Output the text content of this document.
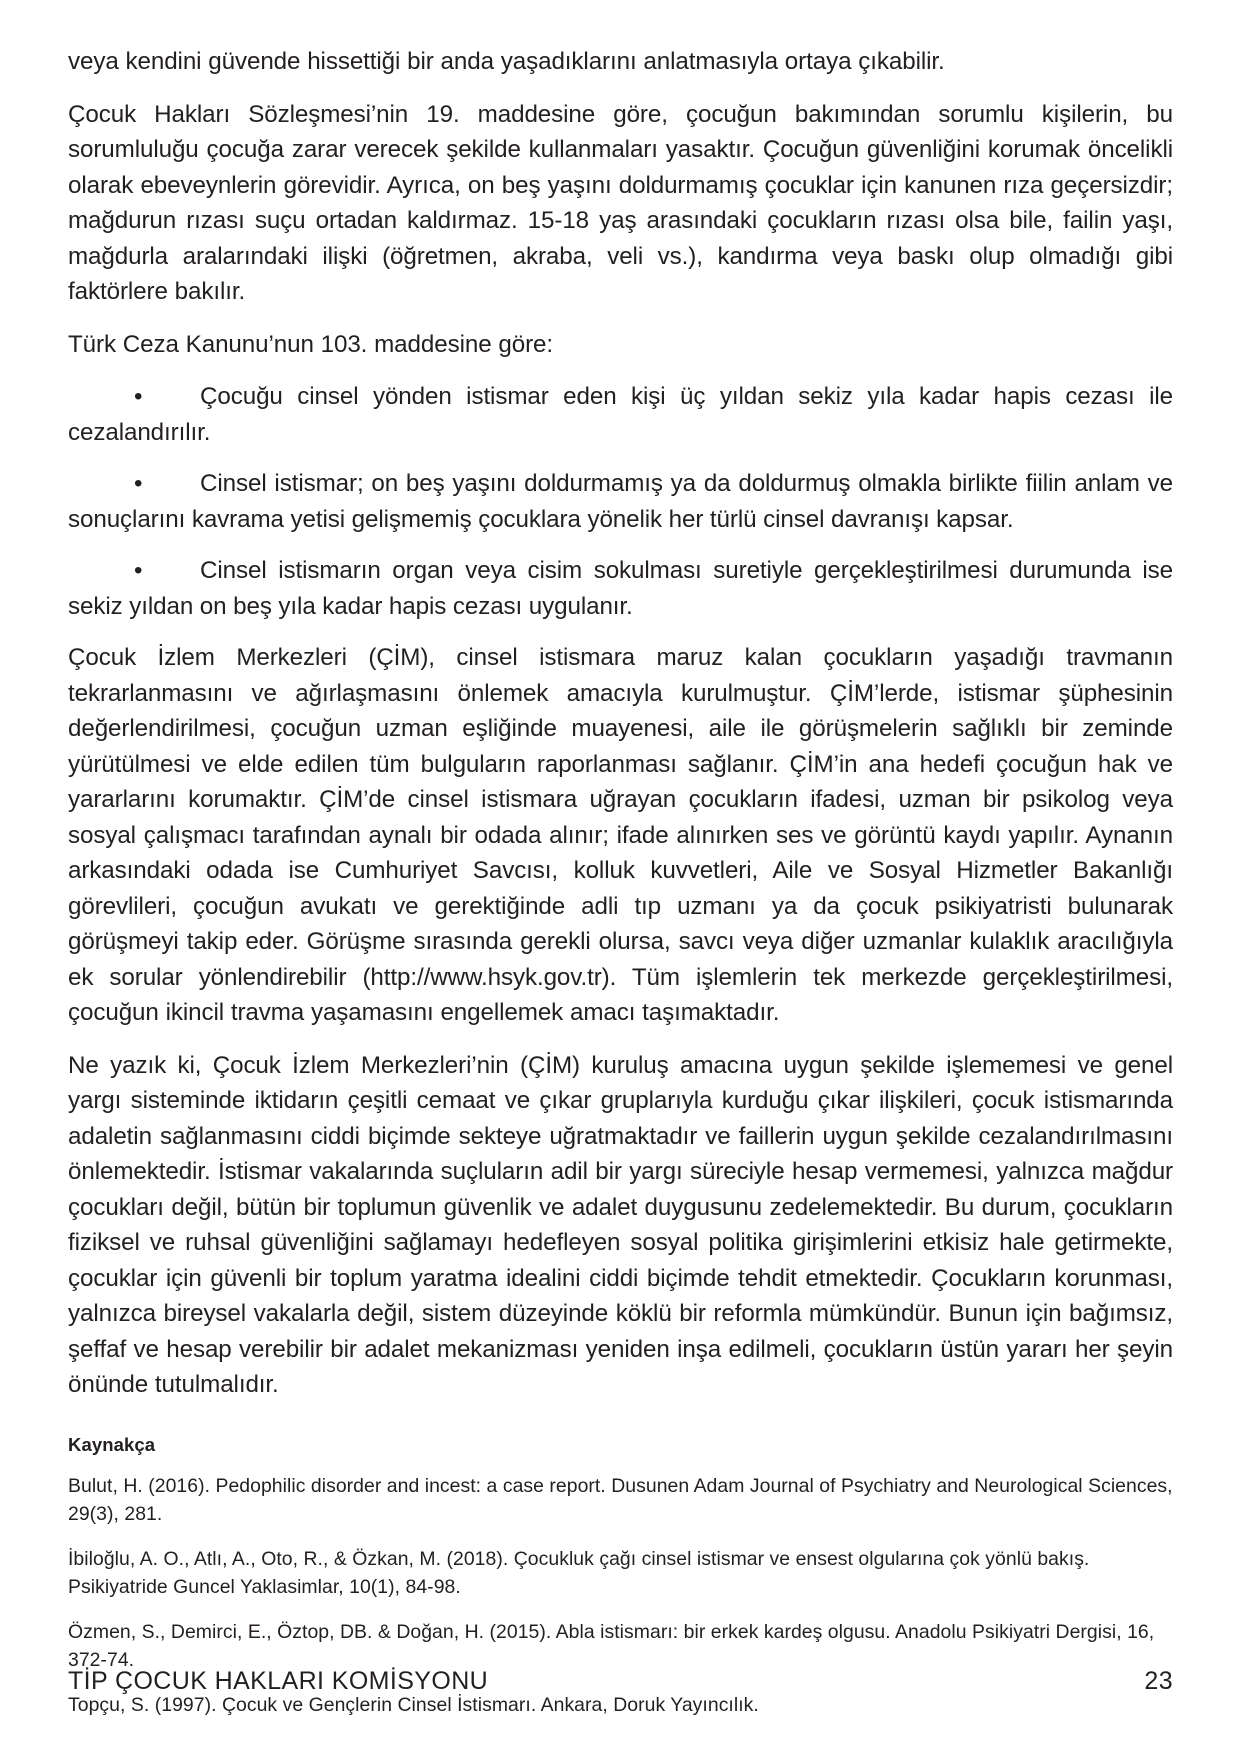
veya kendini güvende hissettiği bir anda yaşadıklarını anlatmasıyla ortaya çıkabilir.

Çocuk Hakları Sözleşmesi’nin 19. maddesine göre, çocuğun bakımından sorumlu kişilerin, bu sorumluluğu çocuğa zarar verecek şekilde kullanmaları yasaktır. Çocuğun güvenliğini korumak öncelikli olarak ebeveynlerin görevidir. Ayrıca, on beş yaşını doldurmamış çocuklar için kanunen rıza geçersizdir; mağdurun rızası suçu ortadan kaldırmaz. 15-18 yaş arasındaki çocukların rızası olsa bile, failin yaşı, mağdurla aralarındaki ilişki (öğretmen, akraba, veli vs.), kandırma veya baskı olup olmadığı gibi faktörlere bakılır.

Türk Ceza Kanunu’nun 103. maddesine göre:

• Çocuğu cinsel yönden istismar eden kişi üç yıldan sekiz yıla kadar hapis cezası ile cezalandırılır.

• Cinsel istismar; on beş yaşını doldurmamış ya da doldurmuş olmakla birlikte fiilin anlam ve sonuçlarını kavrama yetisi gelişmemiş çocuklara yönelik her türlü cinsel davranışı kapsar.

• Cinsel istismarın organ veya cisim sokulması suretiyle gerçekleştirilmesi durumunda ise sekiz yıldan on beş yıla kadar hapis cezası uygulanır.

Çocuk İzlem Merkezleri (ÇİM), cinsel istismara maruz kalan çocukların yaşadığı travmanın tekrarlanmasını ve ağırlaşmasını önlemek amacıyla kurulmuştur. ÇİM’lerde, istismar şüphesinin değerlendirilmesi, çocuğun uzman eşliğinde muayenesi, aile ile görüşmelerin sağlıklı bir zeminde yürütülmesi ve elde edilen tüm bulguların raporlanması sağlanır. ÇİM’in ana hedefi çocuğun hak ve yararlarını korumaktır. ÇİM’de cinsel istismara uğrayan çocukların ifadesi, uzman bir psikolog veya sosyal çalışmacı tarafından aynalı bir odada alınır; ifade alınırken ses ve görüntü kaydı yapılır. Aynanın arkasındaki odada ise Cumhuriyet Savcısı, kolluk kuvvetleri, Aile ve Sosyal Hizmetler Bakanlığı görevlileri, çocuğun avukatı ve gerektiğinde adli tıp uzmanı ya da çocuk psikiyatristi bulunarak görüşmeyi takip eder. Görüşme sırasında gerekli olursa, savcı veya diğer uzmanlar kulaklık aracılığıyla ek sorular yönlendirebilir (http://www.hsyk.gov.tr). Tüm işlemlerin tek merkezde gerçekleştirilmesi, çocuğun ikincil travma yaşamasını engellemek amacı taşımaktadır.

Ne yazık ki, Çocuk İzlem Merkezleri’nin (ÇİM) kuruluş amacına uygun şekilde işlememesi ve genel yargı sisteminde iktidarın çeşitli cemaat ve çıkar gruplarıyla kurduğu çıkar ilişkileri, çocuk istismarında adaletin sağlanmasını ciddi biçimde sekteye uğratmaktadır ve faillerin uygun şekilde cezalandırılmasını önlemektedir. İstismar vakalarında suçluların adil bir yargı süreciyle hesap vermemesi, yalnızca mağdur çocukları değil, bütün bir toplumun güvenlik ve adalet duygusunu zedelemektedir. Bu durum, çocukların fiziksel ve ruhsal güvenliğini sağlamayı hedefleyen sosyal politika girişimlerini etkisiz hale getirmekte, çocuklar için güvenli bir toplum yaratma idealini ciddi biçimde tehdit etmektedir. Çocukların korunması, yalnızca bireysel vakalarla değil, sistem düzeyinde köklü bir reformla mümkündür. Bunun için bağımsız, şeffaf ve hesap verebilir bir adalet mekanizması yeniden inşa edilmeli, çocukların üstün yararı her şeyin önünde tutulmalıdır.

Kaynakça

Bulut, H. (2016). Pedophilic disorder and incest: a case report. Dusunen Adam Journal of Psychiatry and Neurological Sciences, 29(3), 281.

İbiloğlu, A. O., Atlı, A., Oto, R., & Özkan, M. (2018). Çocukluk çağı cinsel istismar ve ensest olgularına çok yönlü bakış. Psikiyatride Guncel Yaklasimlar, 10(1), 84-98.

Özmen, S., Demirci, E., Öztop, DB. & Doğan, H. (2015). Abla istismarı: bir erkek kardeş olgusu. Anadolu Psikiyatri Dergisi, 16, 372-74.

Topçu, S. (1997). Çocuk ve Gençlerin Cinsel İstismarı. Ankara, Doruk Yayıncılık.

TİP ÇOCUK HAKLARI KOMİSYONU	23
